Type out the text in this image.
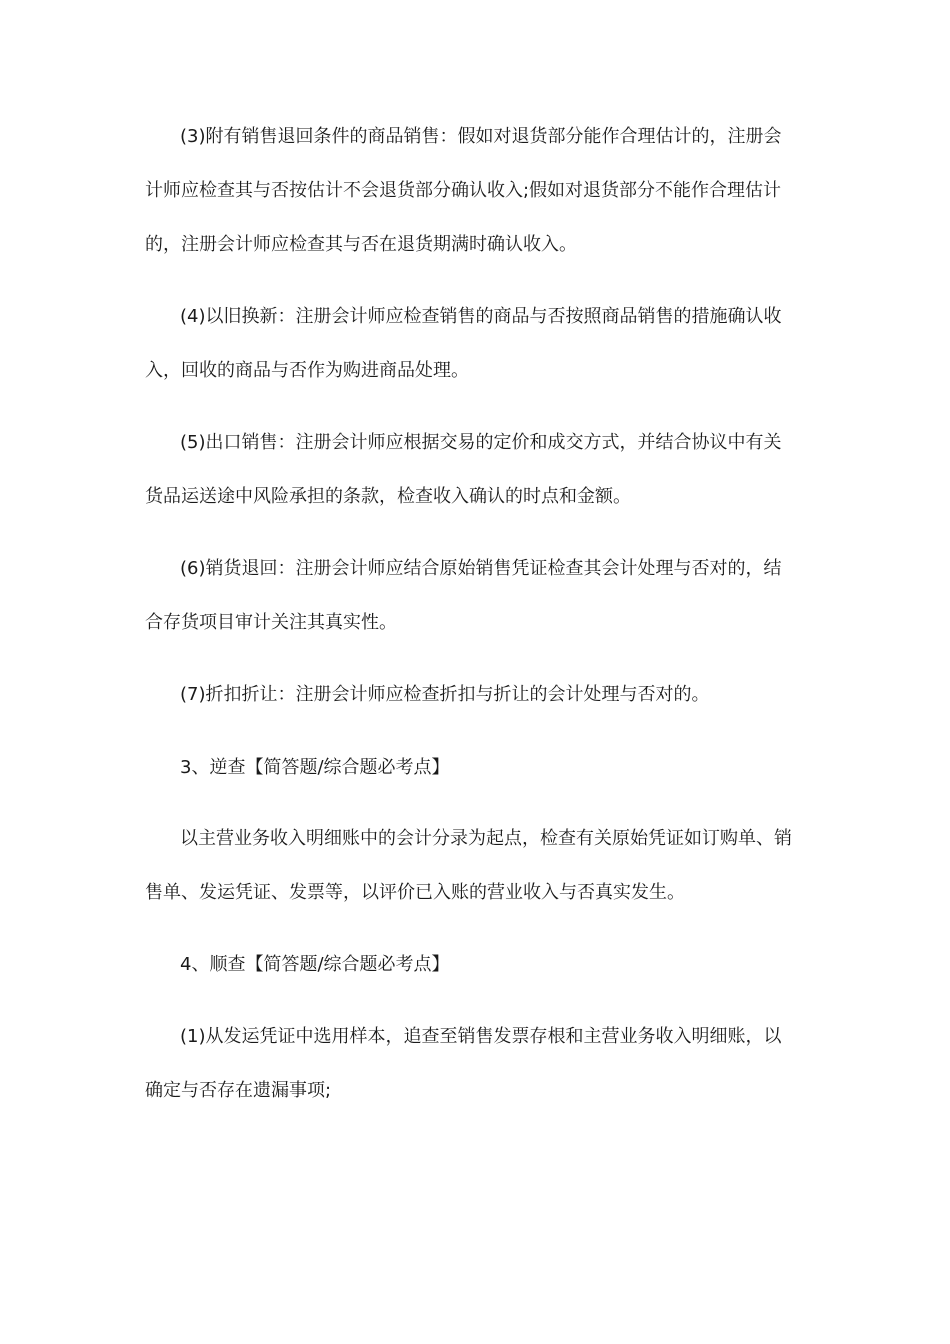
(3)附有销售退回条件的商品销售：假如对退货部分能作合理估计的，注册会
计师应检查其与否按估计不会退货部分确认收入;假如对退货部分不能作合理估计
的，注册会计师应检查其与否在退货期满时确认收入。
(4)以旧换新：注册会计师应检查销售的商品与否按照商品销售的措施确认收
入，回收的商品与否作为购进商品处理。
(5)出口销售：注册会计师应根据交易的定价和成交方式，并结合协议中有关
货品运送途中风险承担的条款，检查收入确认的时点和金额。
(6)销货退回：注册会计师应结合原始销售凭证检查其会计处理与否对的，结
合存货项目审计关注其真实性。
(7)折扣折让：注册会计师应检查折扣与折让的会计处理与否对的。
3、逆查【简答题/综合题必考点】
以主营业务收入明细账中的会计分录为起点，检查有关原始凭证如订购单、销
售单、发运凭证、发票等，以评价已入账的营业收入与否真实发生。
4、顺查【简答题/综合题必考点】
(1)从发运凭证中选用样本，追查至销售发票存根和主营业务收入明细账，以
确定与否存在遗漏事项;
